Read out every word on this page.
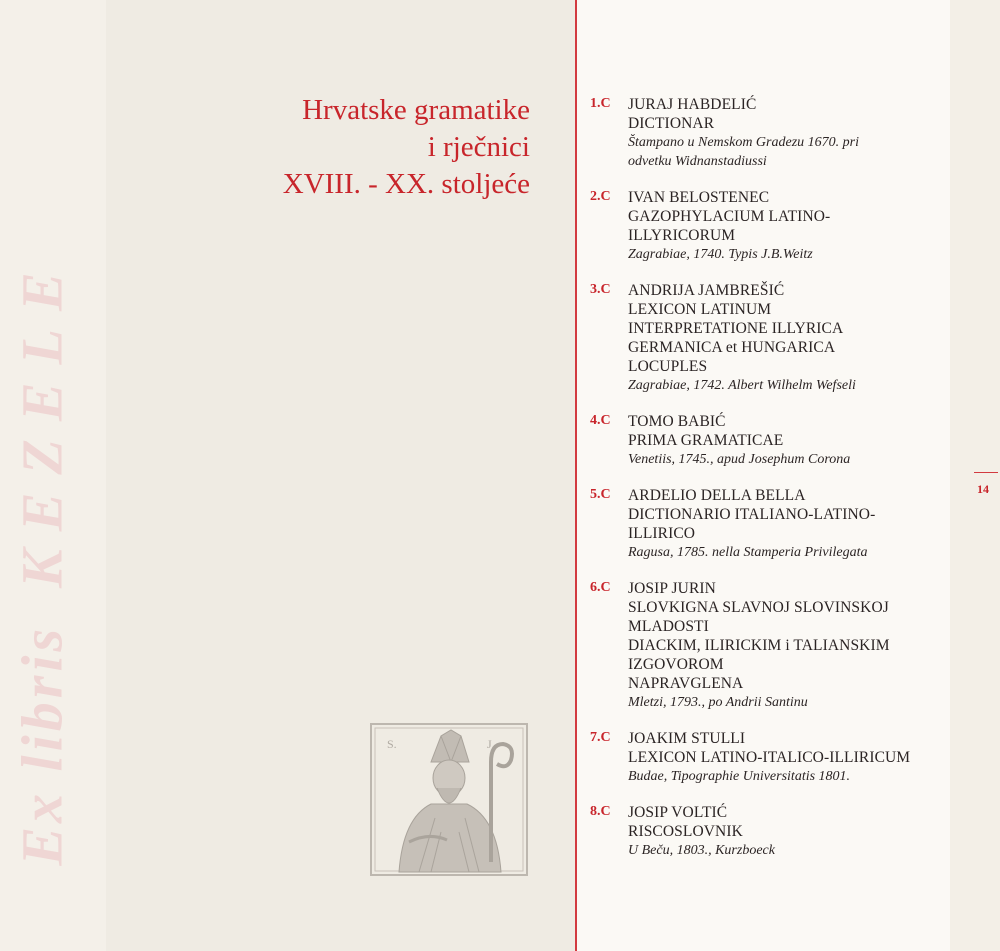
Ex libris  KEZELE
Hrvatske gramatike
i rječnici
XVIII. - XX. stoljeće
S.	J.
1.C JURAJ HABDELIĆ
DICTIONAR
Štampano u Nemskom Gradezu 1670. pri
odvetku Widnanstadiussi
2.C IVAN BELOSTENEC
GAZOPHYLACIUM LATINO-
ILLYRICORUM
Zagrabiae, 1740. Typis J.B.Weitz
3.C ANDRIJA JAMBREŠIĆ
LEXICON LATINUM
INTERPRETATIONE ILLYRICA
GERMANICA et HUNGARICA
LOCUPLES
Zagrabiae, 1742. Albert Wilhelm Wefseli
4.C TOMO BABIĆ
PRIMA GRAMATICAE
Venetiis, 1745., apud Josephum Corona
5.C ARDELIO DELLA BELLA
DICTIONARIO ITALIANO-LATINO-
ILLIRICO
Ragusa, 1785. nella Stamperia Privilegata
6.C JOSIP JURIN
SLOVKIGNA SLAVNOJ SLOVINSKOJ
MLADOSTI
DIACKIM, ILIRICKIM i TALIANSKIM
IZGOVOROM
NAPRAVGLENA
Mletzi, 1793., po Andrii Santinu
7.C JOAKIM STULLI
LEXICON LATINO-ITALICO-ILLIRICUM
Budae, Tipographie Universitatis 1801.
8.C JOSIP VOLTIĆ
RISCOSLOVNIK
U Beču, 1803., Kurzboeck
14
